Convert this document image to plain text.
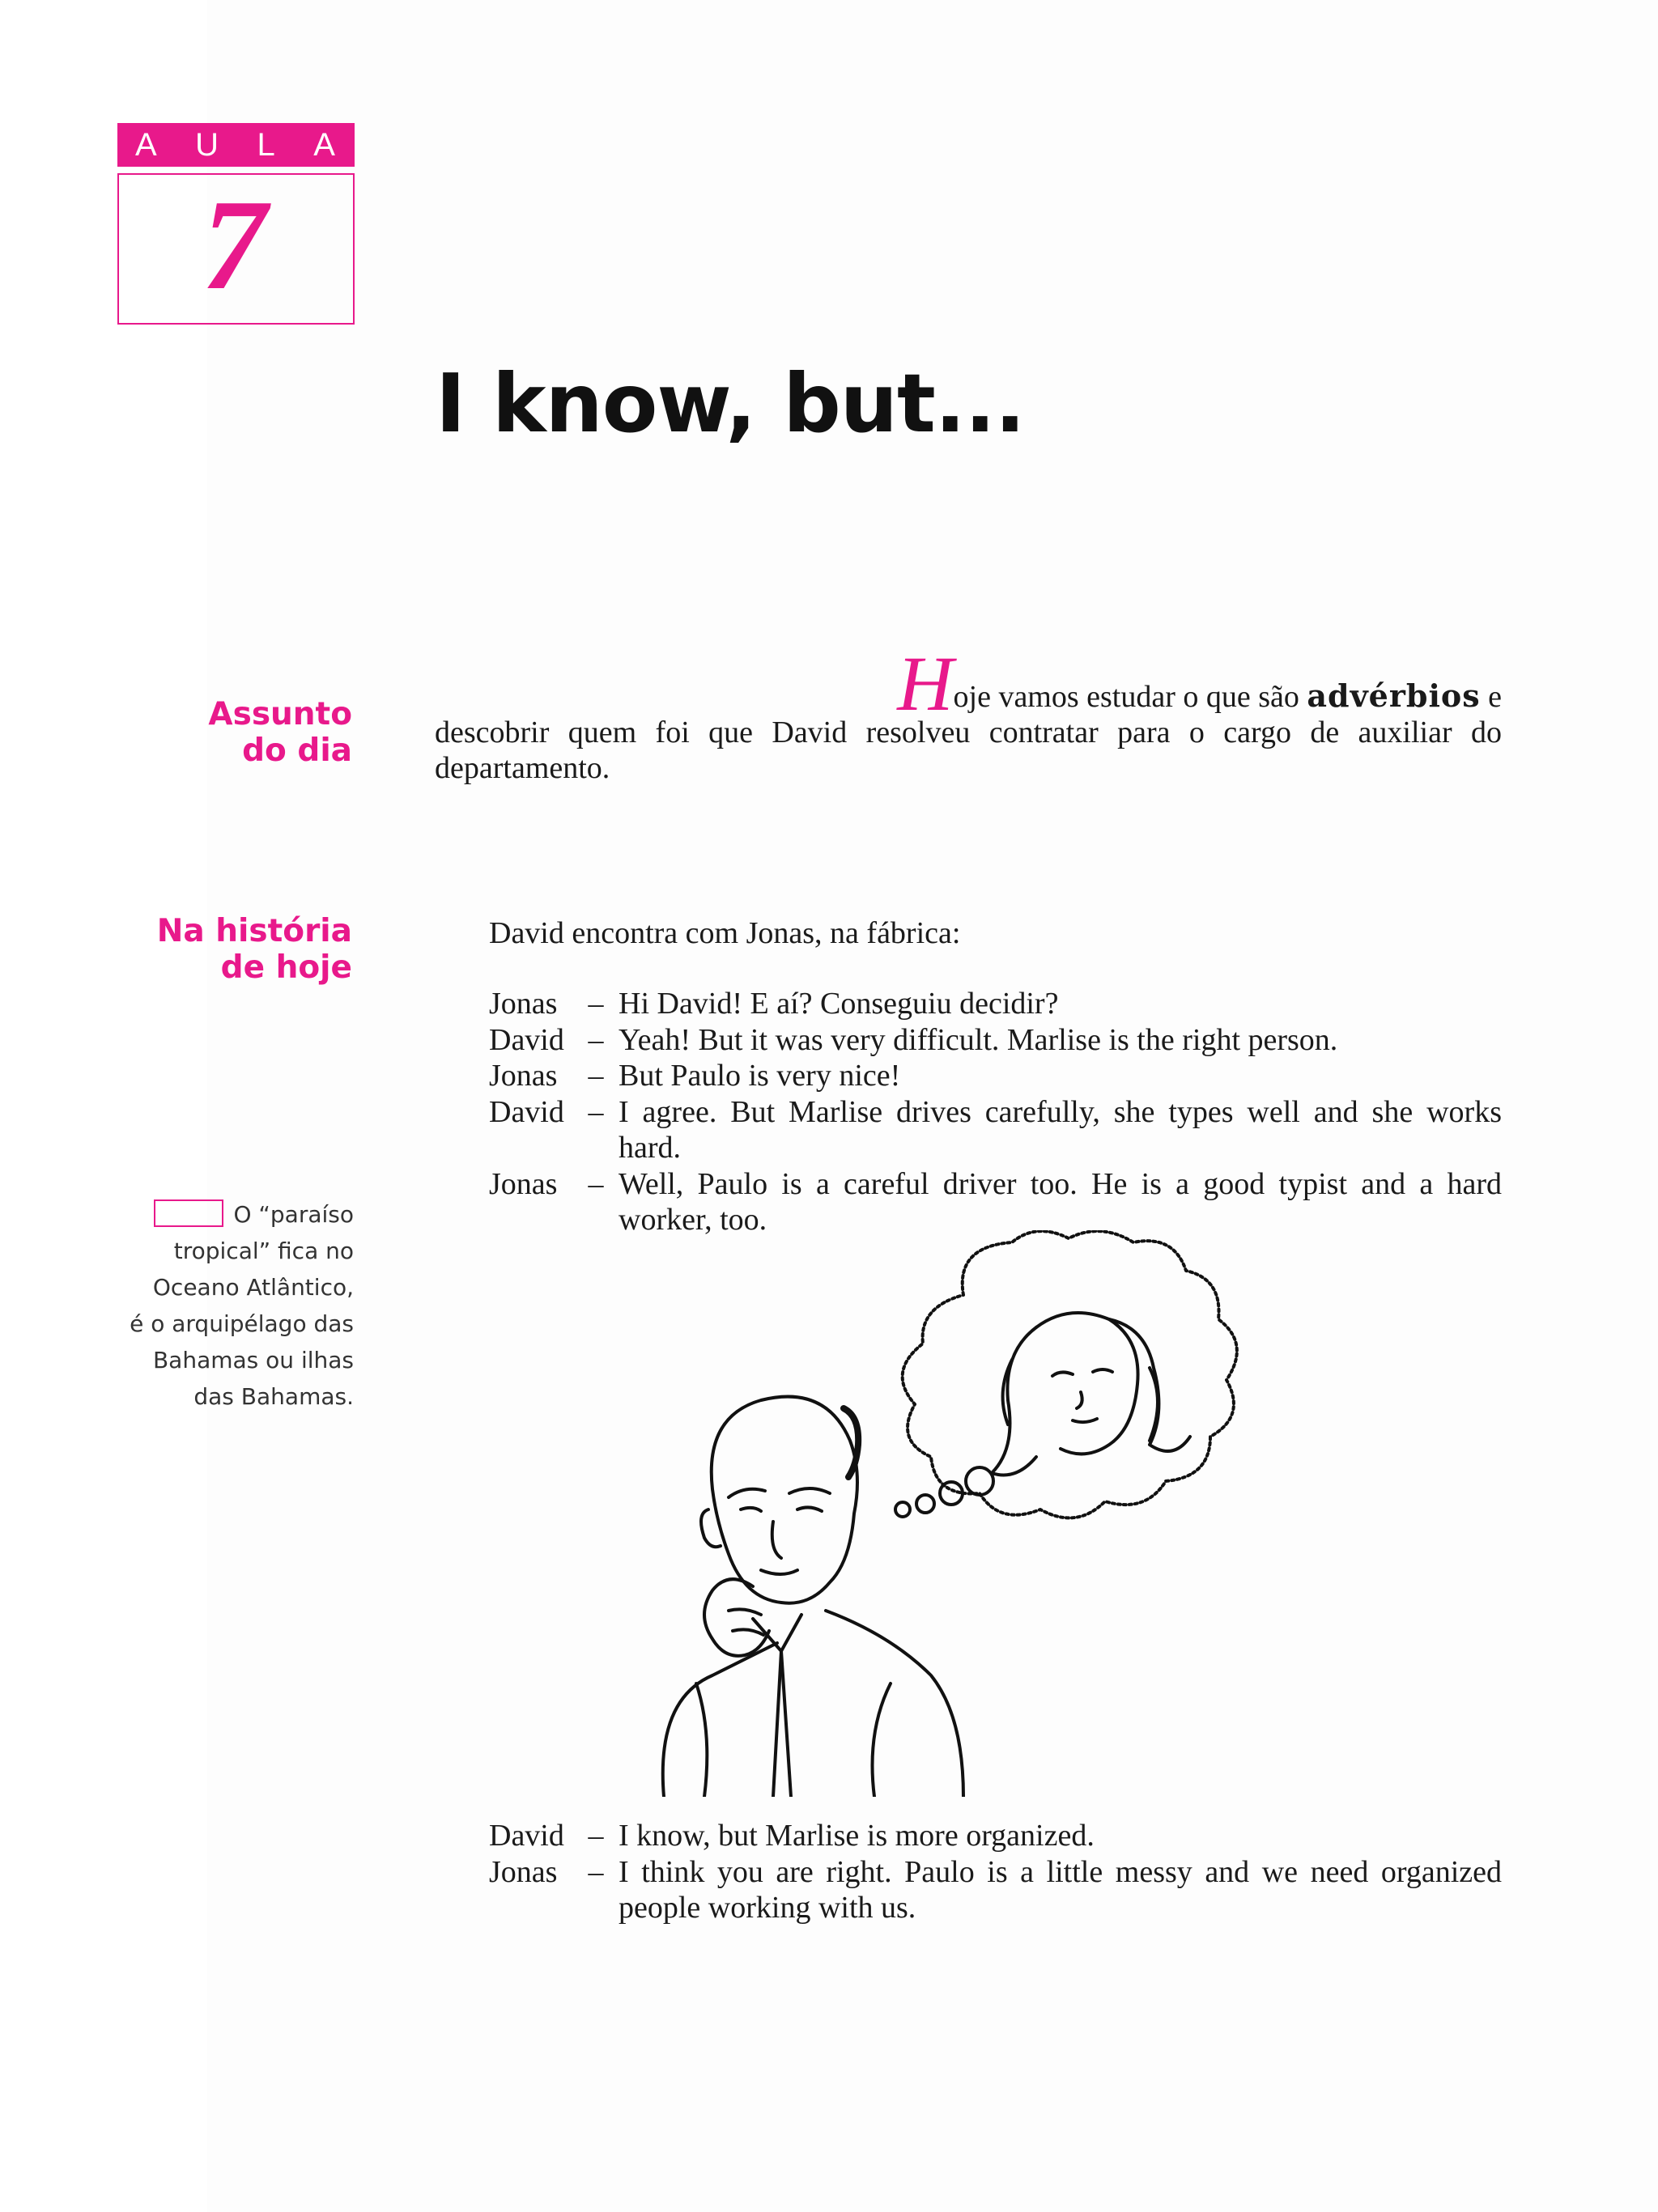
A U L A
7
I know, but...
Assunto
do dia
Hoje vamos estudar o que são advérbios e
descobrir quem foi que David resolveu contratar para o cargo de auxiliar do departamento.
Na história
de hoje
David encontra com Jonas, na fábrica:
Jonas	– Hi David! E aí? Conseguiu decidir?
David – Yeah! But it was very difficult. Marlise is the right person.
Jonas	– But Paulo is very nice!
David – I agree. But Marlise drives carefully, she types well and she works hard.
Jonas	– Well, Paulo is a careful driver too. He is a good typist and a hard worker, too.
O “paraíso
tropical” fica no
Oceano Atlântico,
é o arquipélago das
Bahamas ou ilhas
das Bahamas.
David – I know, but Marlise is more organized.
Jonas	– I think you are right. Paulo is a little messy and we need organized people working with us.
